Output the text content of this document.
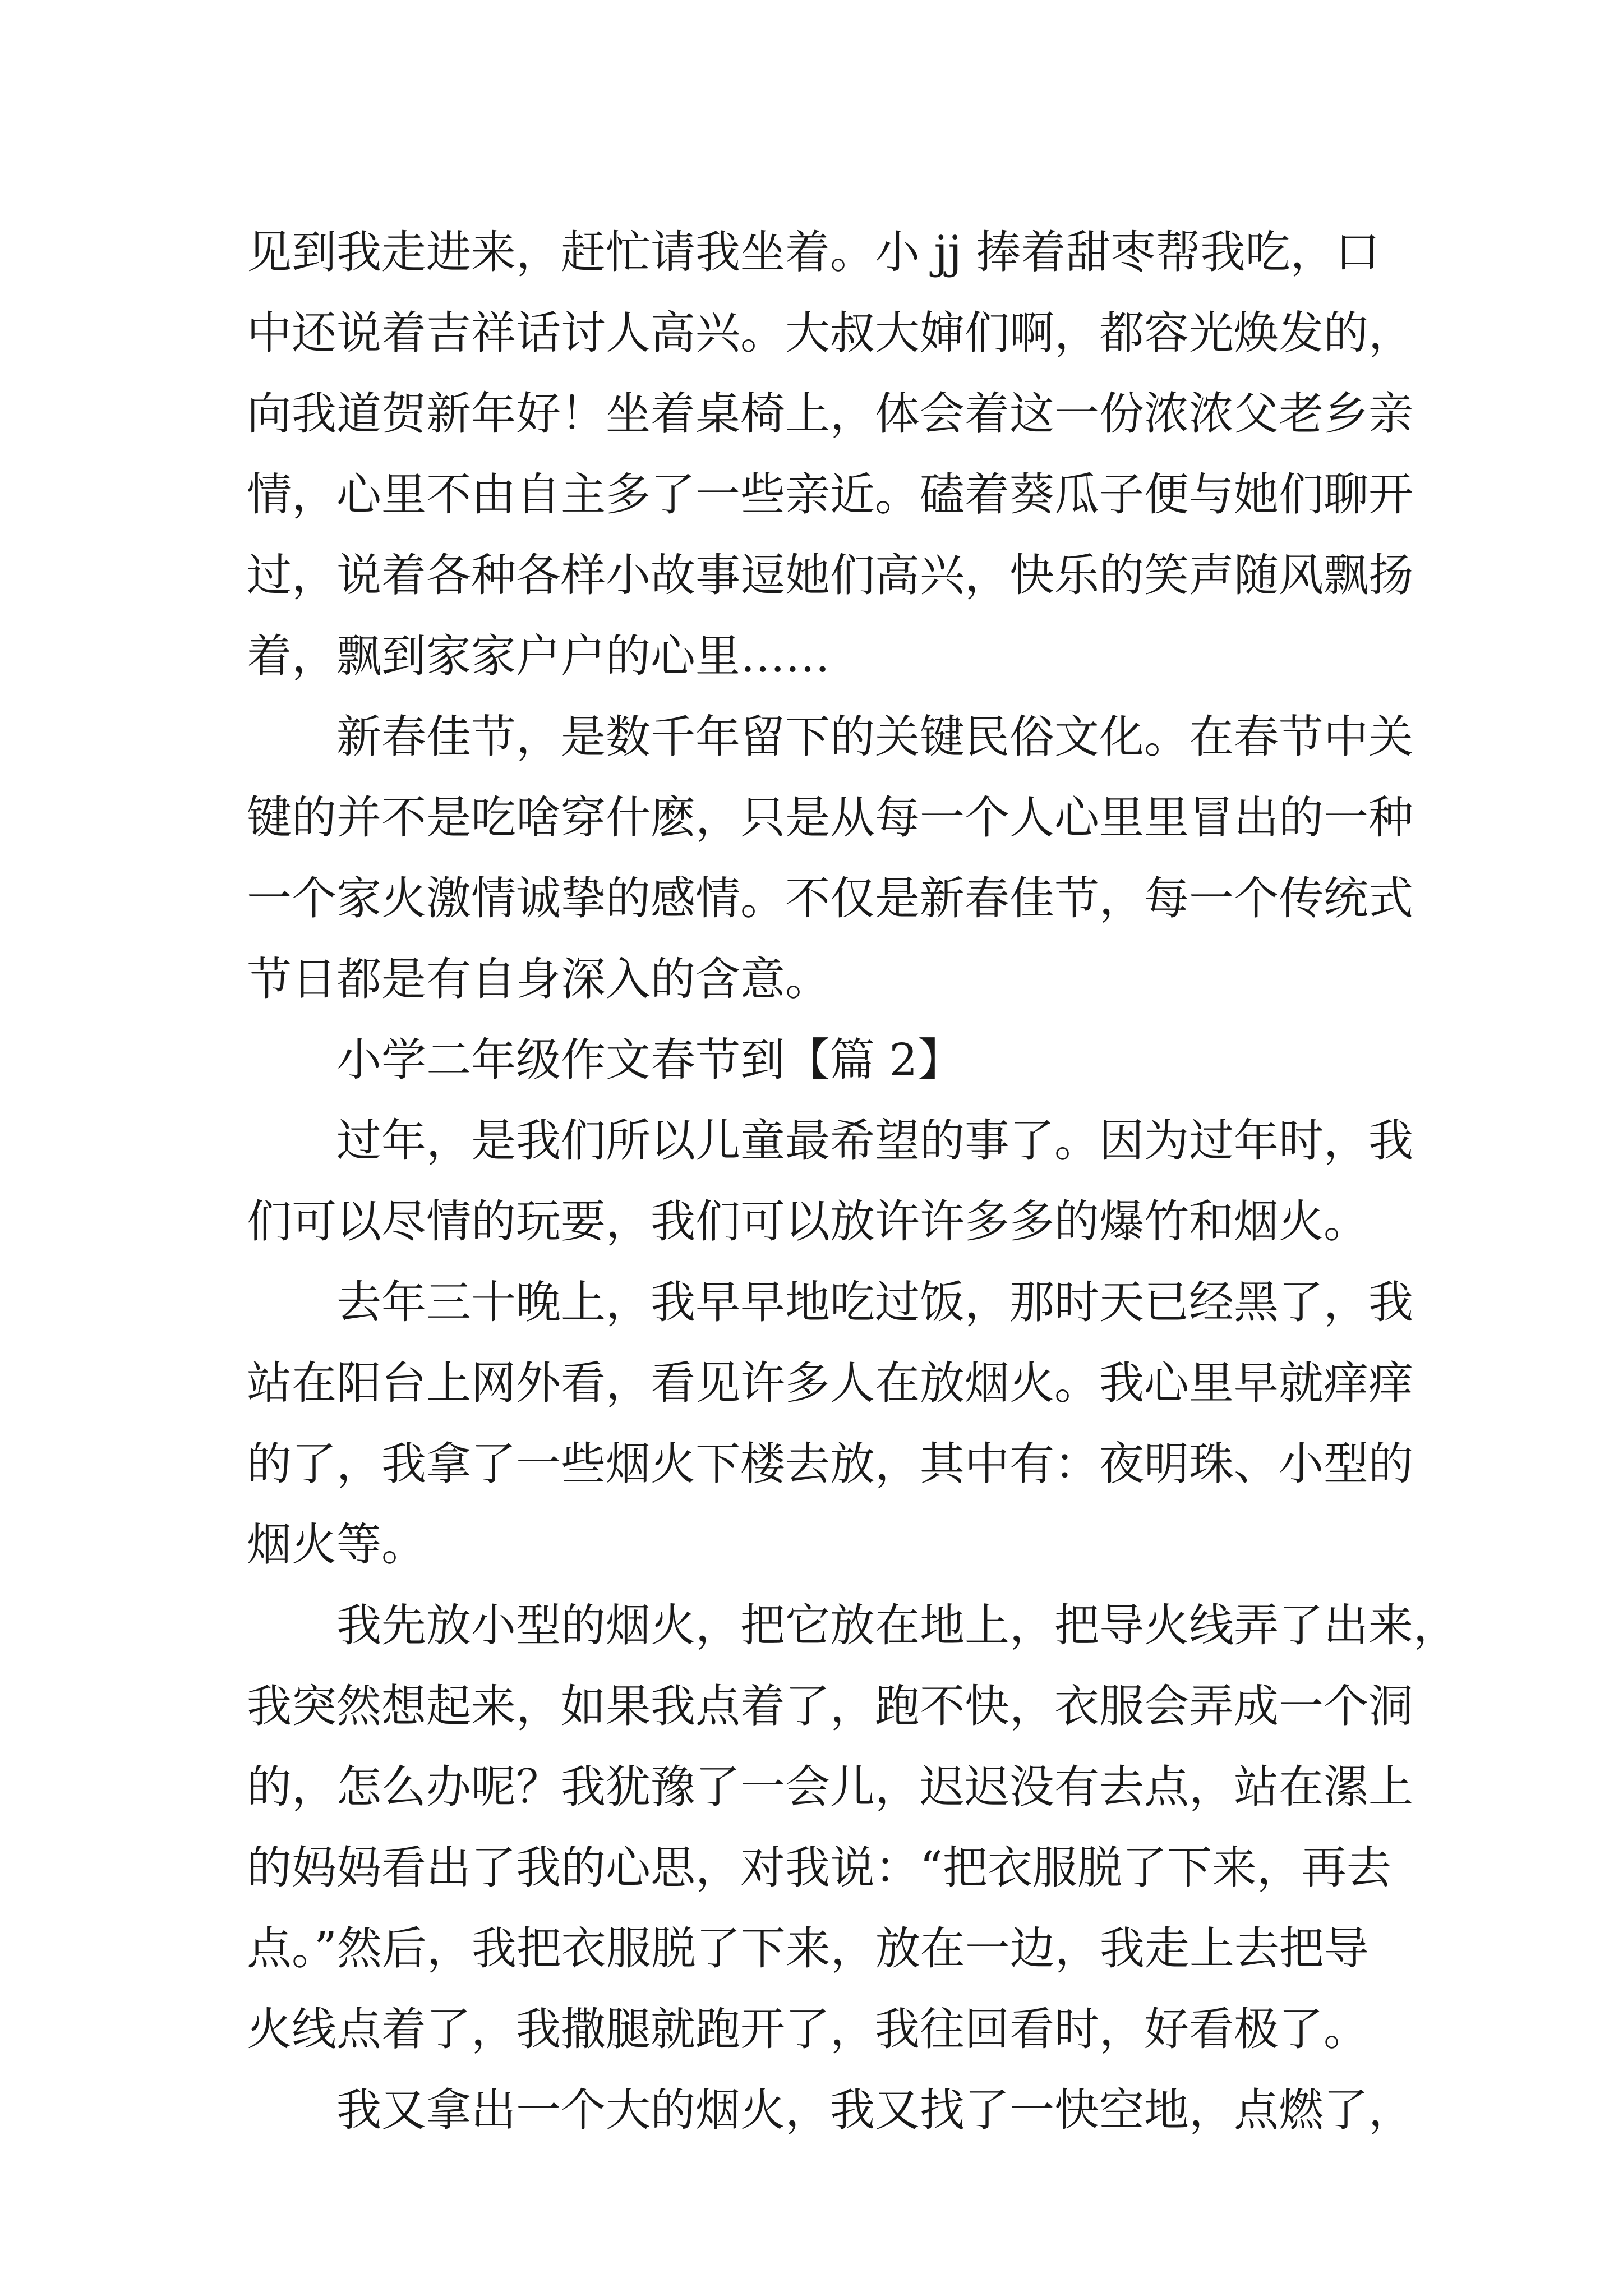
见到我走进来，赶忙请我坐着。小 jj 捧着甜枣帮我吃，口
中还说着吉祥话讨人高兴。大叔大婶们啊，都容光焕发的，
向我道贺新年好！坐着桌椅上，体会着这一份浓浓父老乡亲
情，心里不由自主多了一些亲近。磕着葵瓜子便与她们聊开
过，说着各种各样小故事逗她们高兴，快乐的笑声随风飘扬
着，飘到家家户户的心里……
新春佳节，是数千年留下的关键民俗文化。在春节中关
键的并不是吃啥穿什麽，只是从每一个人心里里冒出的一种
一个家火激情诚挚的感情。不仅是新春佳节，每一个传统式
节日都是有自身深入的含意。
小学二年级作文春节到【篇 2】
过年，是我们所以儿童最希望的事了。因为过年时，我
们可以尽情的玩要，我们可以放许许多多的爆竹和烟火。
去年三十晚上，我早早地吃过饭，那时天已经黑了，我
站在阳台上网外看，看见许多人在放烟火。我心里早就痒痒
的了，我拿了一些烟火下楼去放，其中有：夜明珠、小型的
烟火等。
我先放小型的烟火，把它放在地上，把导火线弄了出来，
我突然想起来，如果我点着了，跑不快，衣服会弄成一个洞
的，怎么办呢？我犹豫了一会儿，迟迟没有去点，站在漯上
的妈妈看出了我的心思，对我说：“把衣服脱了下来，再去
点。”然后，我把衣服脱了下来，放在一边，我走上去把导
火线点着了，我撒腿就跑开了，我往回看时，好看极了。
我又拿出一个大的烟火，我又找了一快空地，点燃了，
